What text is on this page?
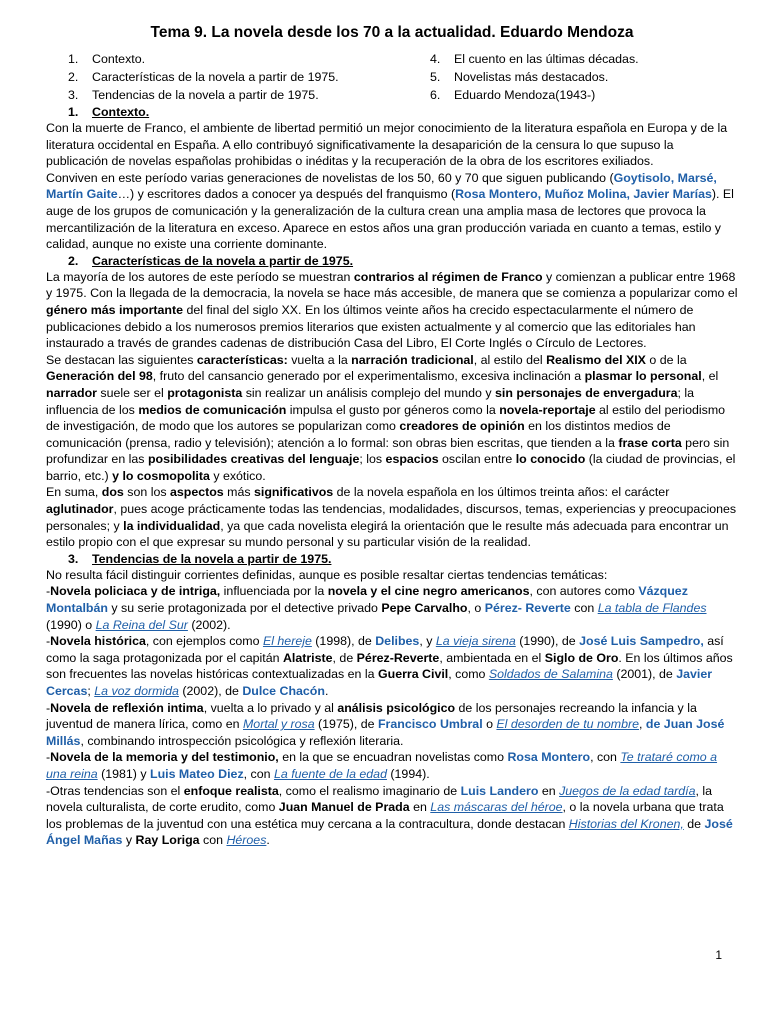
Tema 9. La novela desde los 70 a la actualidad. Eduardo Mendoza
1.	Contexto.
2.	Características de la novela a partir de 1975.
3.	Tendencias de la novela a partir de 1975.
4.	El cuento en las últimas décadas.
5.	Novelistas más destacados.
6.	Eduardo Mendoza(1943-)
1.	Contexto.

Con la muerte de Franco, el ambiente de libertad permitió un mejor conocimiento de la literatura española en Europa y de la literatura occidental en España. A ello contribuyó significativamente la desaparición de la censura lo que supuso la publicación de novelas españolas prohibidas o inéditas y la recuperación de la obra de los escritores exiliados.

Conviven en este período varias generaciones de novelistas de los 50, 60 y 70 que siguen publicando (Goytisolo, Marsé, Martín Gaite…) y escritores dados a conocer ya después del franquismo (Rosa Montero, Muñoz Molina, Javier Marías). El auge de los grupos de comunicación y la generalización de la cultura crean una amplia masa de lectores que provoca la mercantilización de la literatura en exceso. Aparece en estos años una gran producción variada en cuanto a temas, estilo y calidad, aunque no existe una corriente dominante.

2.	Características de la novela a partir de 1975.

La mayoría de los autores de este período se muestran contrarios al régimen de Franco y comienzan a publicar entre 1968 y 1975. Con la llegada de la democracia, la novela se hace más accesible, de manera que se comienza a popularizar como el género más importante del final del siglo XX. En los últimos veinte años ha crecido espectacularmente el número de publicaciones debido a los numerosos premios literarios que existen actualmente y al comercio que las editoriales han instaurado a través de grandes cadenas de distribución Casa del Libro, El Corte Inglés o Círculo de Lectores.

Se destacan las siguientes características: vuelta a la narración tradicional, al estilo del Realismo del XIX o de la Generación del 98, fruto del cansancio generado por el experimentalismo, excesiva inclinación a plasmar lo personal, el narrador suele ser el protagonista sin realizar un análisis complejo del mundo y sin personajes de envergadura; la influencia de los medios de comunicación impulsa el gusto por géneros como la novela-reportaje al estilo del periodismo de investigación, de modo que los autores se popularizan como creadores de opinión en los distintos medios de comunicación (prensa, radio y televisión); atención a lo formal: son obras bien escritas, que tienden a la frase corta pero sin profundizar en las posibilidades creativas del lenguaje; los espacios oscilan entre lo conocido (la ciudad de provincias, el barrio, etc.) y lo cosmopolita y exótico.

En suma, dos son los aspectos más significativos de la novela española en los últimos treinta años: el carácter aglutinador, pues acoge prácticamente todas las tendencias, modalidades, discursos, temas, experiencias y preocupaciones personales; y la individualidad, ya que cada novelista elegirá la orientación que le resulte más adecuada para encontrar un estilo propio con el que expresar su mundo personal y su particular visión de la realidad.

3.	Tendencias de la novela a partir de 1975.

No resulta fácil distinguir corrientes definidas, aunque es posible resaltar ciertas tendencias temáticas:

-Novela policiaca y de intriga, influenciada por la novela y el cine negro americanos, con autores como Vázquez Montalbán y su serie protagonizada por el detective privado Pepe Carvalho, o Pérez- Reverte con La tabla de Flandes (1990) o La Reina del Sur (2002).

-Novela histórica, con ejemplos como El hereje (1998), de Delibes, y La vieja sirena (1990), de José Luis Sampedro, así como la saga protagonizada por el capitán Alatriste, de Pérez-Reverte, ambientada en el Siglo de Oro. En los últimos años son frecuentes las novelas históricas contextualizadas en la Guerra Civil, como Soldados de Salamina (2001), de Javier Cercas; La voz dormida (2002), de Dulce Chacón.

-Novela de reflexión intima, vuelta a lo privado y al análisis psicológico de los personajes recreando la infancia y la juventud de manera lírica, como en Mortal y rosa (1975), de Francisco Umbral o El desorden de tu nombre, de Juan José Millás, combinando introspección psicológica y reflexión literaria.

-Novela de la memoria y del testimonio, en la que se encuadran novelistas como Rosa Montero, con Te trataré como a una reina (1981) y Luis Mateo Diez, con La fuente de la edad (1994).

-Otras tendencias son el enfoque realista, como el realismo imaginario de Luis Landero en Juegos de la edad tardía, la novela culturalista, de corte erudito, como Juan Manuel de Prada en Las máscaras del héroe, o la novela urbana que trata los problemas de la juventud con una estética muy cercana a la contracultura, donde destacan Historias del Kronen, de José Ángel Mañas y Ray Loriga con Héroes.

1
